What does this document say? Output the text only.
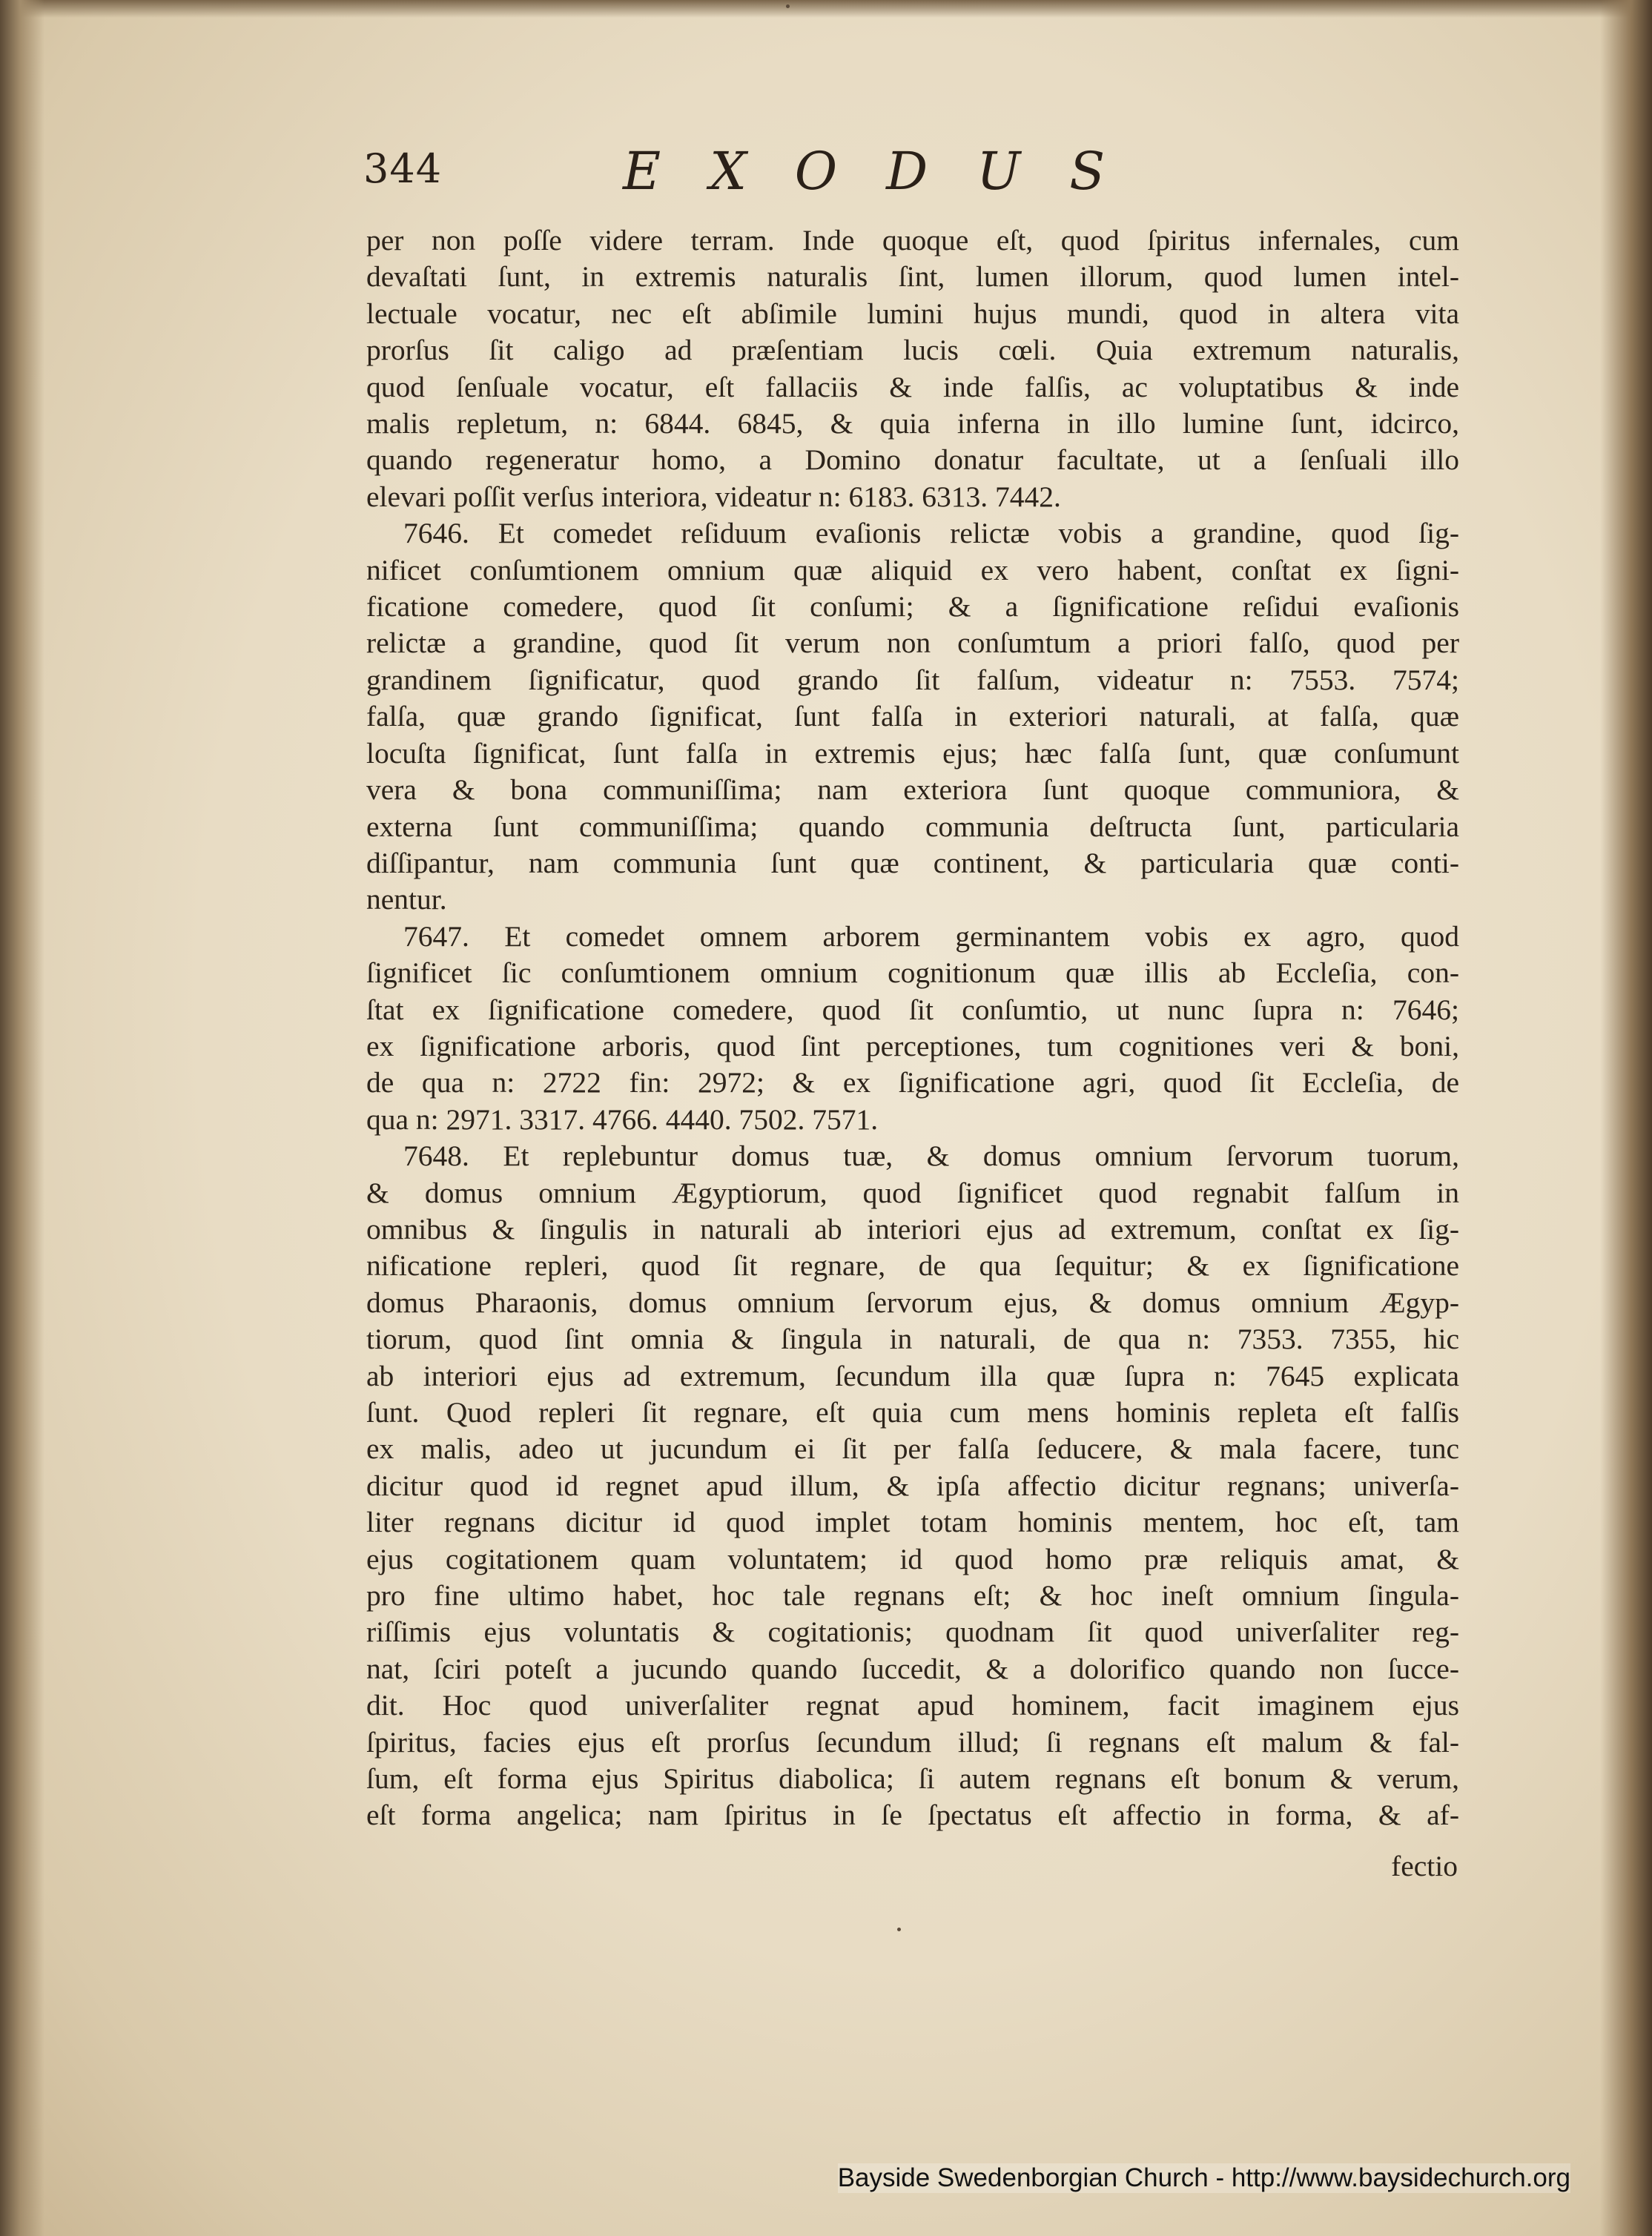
344	EXODUS

per non poſſe videre terram. Inde quoque eſt, quod ſpiritus infernales, cum

devaſtati ſunt, in extremis naturalis ſint, lumen illorum, quod lumen intel-

lectuale vocatur, nec eſt abſimile lumini hujus mundi, quod in altera vita

prorſus ſit caligo ad præſentiam lucis cœli. Quia extremum naturalis,

quod ſenſuale vocatur, eſt fallaciis & inde falſis, ac voluptatibus & inde

malis repletum, n: 6844. 6845, & quia inferna in illo lumine ſunt, idcirco,

quando regeneratur homo, a Domino donatur facultate, ut a ſenſuali illo

elevari poſſit verſus interiora, videatur n: 6183. 6313. 7442.

7646. Et comedet reſiduum evaſionis relictæ vobis a grandine, quod ſig-

nificet conſumtionem omnium quæ aliquid ex vero habent, conſtat ex ſigni-

ficatione comedere, quod ſit conſumi; & a ſignificatione reſidui evaſionis

relictæ a grandine, quod ſit verum non conſumtum a priori falſo, quod per

grandinem ſignificatur, quod grando ſit falſum, videatur n: 7553. 7574;

falſa, quæ grando ſignificat, ſunt falſa in exteriori naturali, at falſa, quæ

locuſta ſignificat, ſunt falſa in extremis ejus; hæc falſa ſunt, quæ conſumunt

vera & bona communiſſima; nam exteriora ſunt quoque communiora, &

externa ſunt communiſſima; quando communia deſtructa ſunt, particularia

diſſipantur, nam communia ſunt quæ continent, & particularia quæ conti-

nentur.

7647. Et comedet omnem arborem germinantem vobis ex agro, quod

ſignificet ſic conſumtionem omnium cognitionum quæ illis ab Eccleſia, con-

ſtat ex ſignificatione comedere, quod ſit conſumtio, ut nunc ſupra n: 7646;

ex ſignificatione arboris, quod ſint perceptiones, tum cognitiones veri & boni,

de qua n: 2722 fin: 2972; & ex ſignificatione agri, quod ſit Eccleſia, de

qua n: 2971. 3317. 4766. 4440. 7502. 7571.

7648. Et replebuntur domus tuæ, & domus omnium ſervorum tuorum,

& domus omnium Ægyptiorum, quod ſignificet quod regnabit falſum in

omnibus & ſingulis in naturali ab interiori ejus ad extremum, conſtat ex ſig-

nificatione repleri, quod ſit regnare, de qua ſequitur; & ex ſignificatione

domus Pharaonis, domus omnium ſervorum ejus, & domus omnium Ægyp-

tiorum, quod ſint omnia & ſingula in naturali, de qua n: 7353. 7355, hic

ab interiori ejus ad extremum, ſecundum illa quæ ſupra n: 7645 explicata

ſunt. Quod repleri ſit regnare, eſt quia cum mens hominis repleta eſt falſis

ex malis, adeo ut jucundum ei ſit per falſa ſeducere, & mala facere, tunc

dicitur quod id regnet apud illum, & ipſa affectio dicitur regnans; univerſa-

liter regnans dicitur id quod implet totam hominis mentem, hoc eſt, tam

ejus cogitationem quam voluntatem; id quod homo præ reliquis amat, &

pro fine ultimo habet, hoc tale regnans eſt; & hoc ineſt omnium ſingula-

riſſimis ejus voluntatis & cogitationis; quodnam ſit quod univerſaliter reg-

nat, ſciri poteſt a jucundo quando ſuccedit, & a dolorifico quando non ſucce-

dit. Hoc quod univerſaliter regnat apud hominem, facit imaginem ejus

ſpiritus, facies ejus eſt prorſus ſecundum illud; ſi regnans eſt malum & fal-

ſum, eſt forma ejus Spiritus diabolica; ſi autem regnans eſt bonum & verum,

eſt forma angelica; nam ſpiritus in ſe ſpectatus eſt affectio in forma, & af-

fectio
Bayside Swedenborgian Church - http://www.baysidechurch.org
